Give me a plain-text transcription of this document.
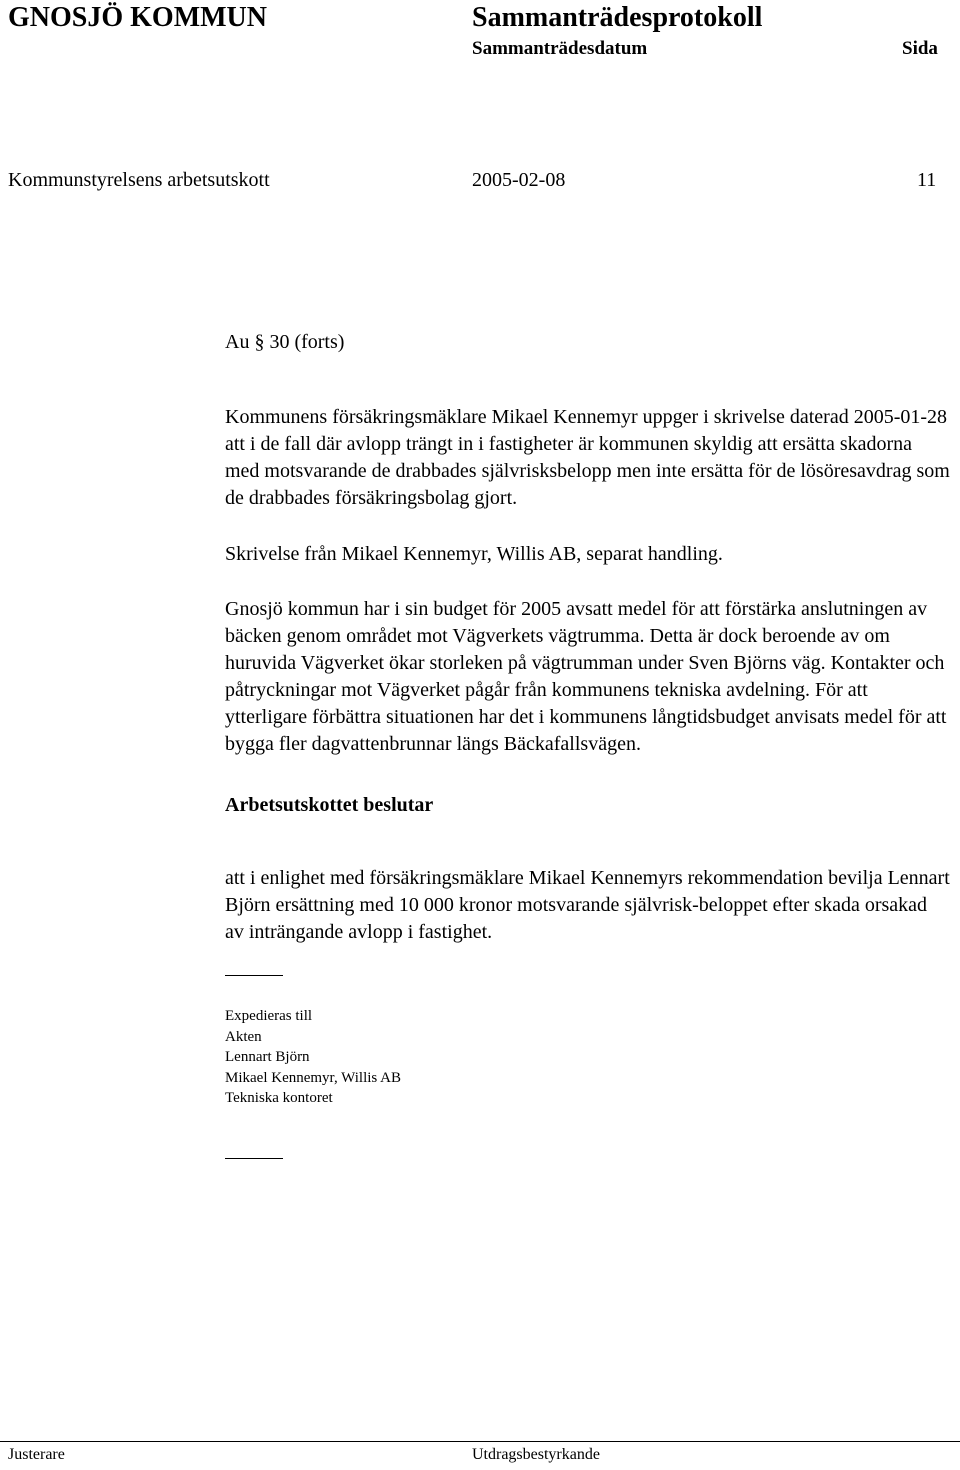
GNOSJÖ KOMMUN	Sammanträdesprotokoll
Sammanträdesdatum	Sida
Kommunstyrelsens arbetsutskott	2005-02-08	11
Au § 30 (forts)

Kommunens försäkringsmäklare Mikael Kennemyr uppger i skrivelse daterad 2005-01-28 att i de fall där avlopp trängt in i fastigheter är kommunen skyldig att ersätta skadorna med motsvarande de drabbades självrisksbelopp men inte ersätta för de lösöresavdrag som de drabbades försäkringsbolag gjort.

Skrivelse från Mikael Kennemyr, Willis AB, separat handling.

Gnosjö kommun har i sin budget för 2005 avsatt medel för att förstärka anslutningen av bäcken genom området mot Vägverkets vägtrumma. Detta är dock beroende av om huruvida Vägverket ökar storleken på vägtrumman under Sven Björns väg. Kontakter och påtryckningar mot Vägverket pågår från kommunens tekniska avdelning. För att ytterligare förbättra situationen har det i kommunens långtidsbudget anvisats medel för att bygga fler dagvattenbrunnar längs Bäckafallsvägen.

Arbetsutskottet beslutar

att i enlighet med försäkringsmäklare Mikael Kennemyrs rekommendation bevilja Lennart Björn ersättning med 10 000 kronor motsvarande självrisk-beloppet efter skada orsakad av inträngande avlopp i fastighet.

Expedieras till
Akten
Lennart Björn
Mikael Kennemyr, Willis AB
Tekniska kontoret
Justerare	Utdragsbestyrkande
